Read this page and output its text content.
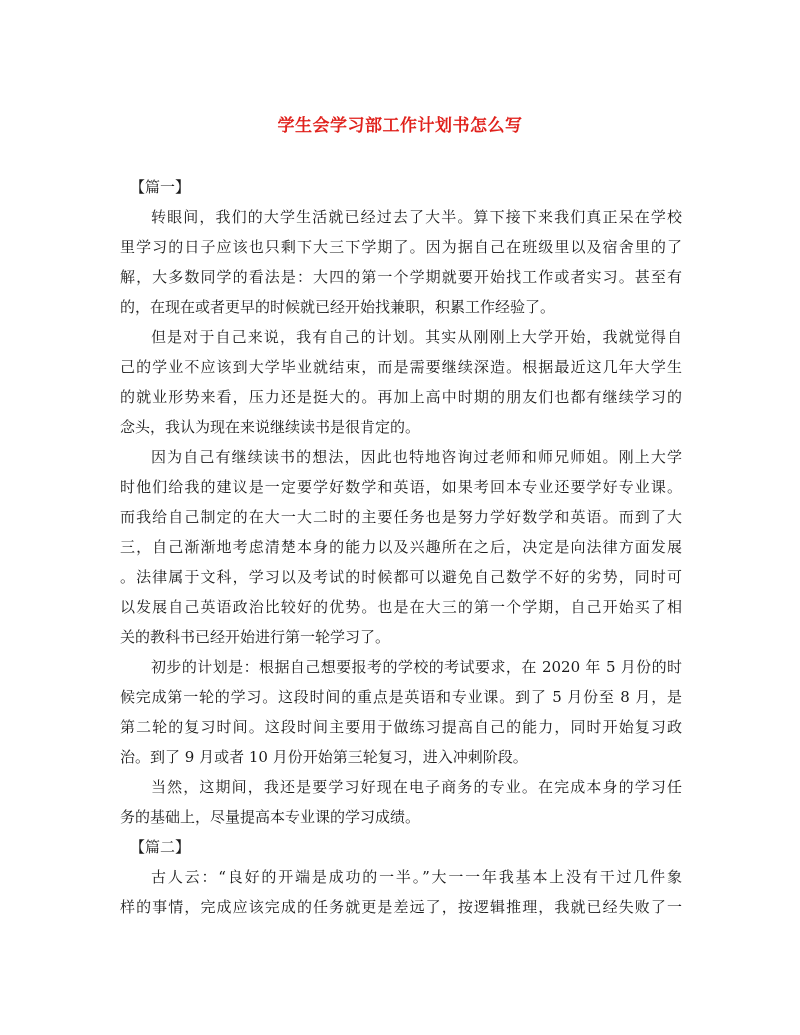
学生会学习部工作计划书怎么写
【篇一】
转眼间，我们的大学生活就已经过去了大半。算下接下来我们真正呆在学校
里学习的日子应该也只剩下大三下学期了。因为据自己在班级里以及宿舍里的了
解，大多数同学的看法是：大四的第一个学期就要开始找工作或者实习。甚至有
的，在现在或者更早的时候就已经开始找兼职，积累工作经验了。
但是对于自己来说，我有自己的计划。其实从刚刚上大学开始，我就觉得自
己的学业不应该到大学毕业就结束，而是需要继续深造。根据最近这几年大学生
的就业形势来看，压力还是挺大的。再加上高中时期的朋友们也都有继续学习的
念头，我认为现在来说继续读书是很肯定的。
因为自己有继续读书的想法，因此也特地咨询过老师和师兄师姐。刚上大学
时他们给我的建议是一定要学好数学和英语，如果考回本专业还要学好专业课。
而我给自己制定的在大一大二时的主要任务也是努力学好数学和英语。而到了大
三，自己渐渐地考虑清楚本身的能力以及兴趣所在之后，决定是向法律方面发展
。法律属于文科，学习以及考试的时候都可以避免自己数学不好的劣势，同时可
以发展自己英语政治比较好的优势。也是在大三的第一个学期，自己开始买了相
关的教科书已经开始进行第一轮学习了。
初步的计划是：根据自己想要报考的学校的考试要求，在 2020 年 5 月份的时
候完成第一轮的学习。这段时间的重点是英语和专业课。到了 5 月份至 8 月，是
第二轮的复习时间。这段时间主要用于做练习提高自己的能力，同时开始复习政
治。到了 9 月或者 10 月份开始第三轮复习，进入冲刺阶段。
当然，这期间，我还是要学习好现在电子商务的专业。在完成本身的学习任
务的基础上，尽量提高本专业课的学习成绩。
【篇二】
古人云：“良好的开端是成功的一半。”大一一年我基本上没有干过几件象
样的事情，完成应该完成的任务就更是差远了，按逻辑推理，我就已经失败了一
